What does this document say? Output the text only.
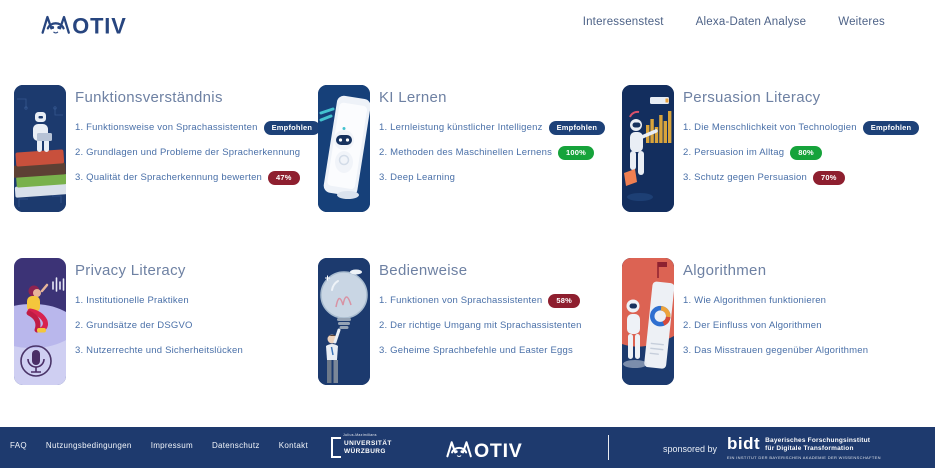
OTIV	Interessenstest	Alexa-Daten Analyse	Weiteres
Funktionsverständnis
1. Funktionsweise von Sprachassistenten	Empfohlen
2. Grundlagen und Probleme der Spracherkennung
3. Qualität der Spracherkennung bewerten	47%
KI Lernen
1. Lernleistung künstlicher Intelligenz	Empfohlen
2. Methoden des Maschinellen Lernens	100%
3. Deep Learning
Persuasion Literacy
1. Die Menschlichkeit von Technologien	Empfohlen
2. Persuasion im Alltag	80%
3. Schutz gegen Persuasion	70%
Privacy Literacy
1. Institutionelle Praktiken
2. Grundsätze der DSGVO
3. Nutzerrechte und Sicherheitslücken
Bedienweise
1. Funktionen von Sprachassistenten	58%
2. Der richtige Umgang mit Sprachassistenten
3. Geheime Sprachbefehle und Easter Eggs
Algorithmen
1. Wie Algorithmen funktionieren
2. Der Einfluss von Algorithmen
3. Das Misstrauen gegenüber Algorithmen
FAQ Nutzungsbedingungen Impressum Datenschutz Kontakt
Julius-Maximilians
UNIVERSITÄT
WÜRZBURG	OTIV	sponsored by bidt Bayerisches Forschungsinstitut
für Digitale Transformation
EIN INSTITUT DER BAYERISCHEN AKADEMIE DER WISSENSCHAFTEN
